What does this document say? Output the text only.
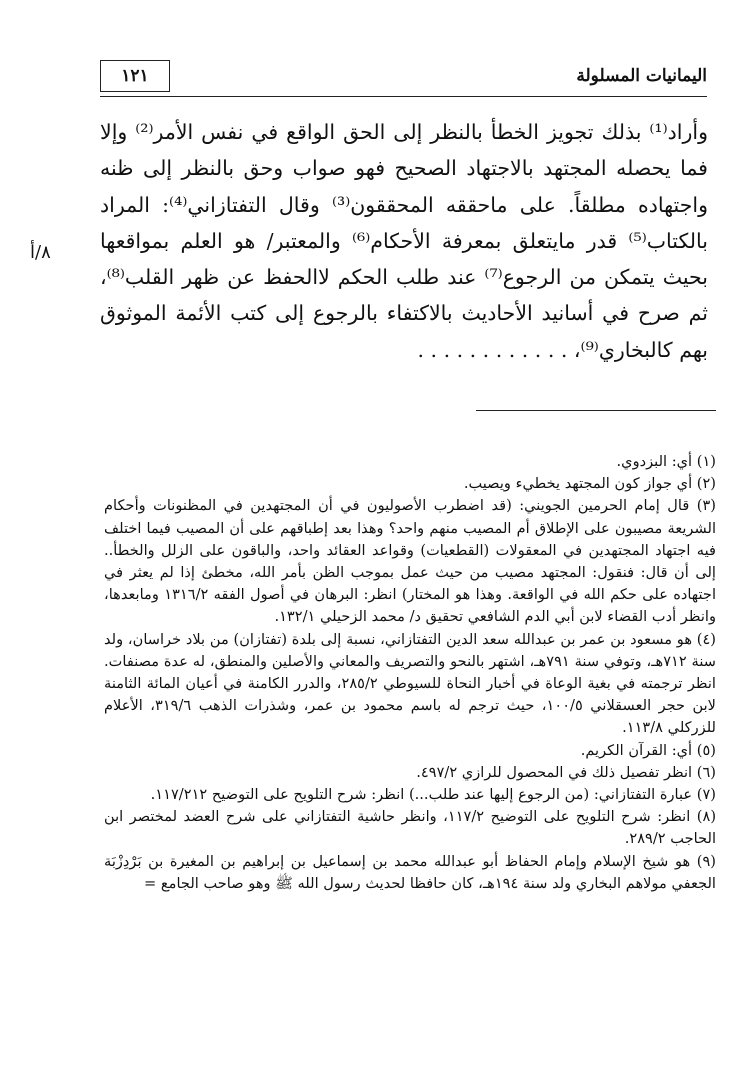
١٢١	اليمانيات المسلولة
٨/أ

وأراد⁽¹⁾ بذلك تجويز الخطأ بالنظر إلى الحق الواقع في نفس الأمر⁽²⁾ وإلا فما يحصله المجتهد بالاجتهاد الصحيح فهو صواب وحق بالنظر إلى ظنه واجتهاده مطلقاً. على ماحققه المحققون⁽³⁾ وقال التفتازاني⁽⁴⁾: المراد بالكتاب⁽⁵⁾ قدر مايتعلق بمعرفة الأحكام⁽⁶⁾ والمعتبر/ هو العلم بمواقعها بحيث يتمكن من الرجوع⁽⁷⁾ عند طلب الحكم لاالحفظ عن ظهر القلب⁽⁸⁾، ثم صرح في أسانيد الأحاديث بالاكتفاء بالرجوع إلى كتب الأئمة الموثوق بهم كالبخاري⁽⁹⁾، . . . . . . . . . . . .

(١) أي: البزدوي.

(٢) أي جواز كون المجتهد يخطيء ويصيب.

(٣) قال إمام الحرمين الجويني: (قد اضطرب الأصوليون في أن المجتهدين في المظنونات وأحكام الشريعة مصيبون على الإطلاق أم المصيب منهم واحد؟ وهذا بعد إطباقهم على أن المصيب فيما اختلف فيه اجتهاد المجتهدين في المعقولات (القطعيات) وقواعد العقائد واحد، والباقون على الزلل والخطأ.. إلى أن قال: فنقول: المجتهد مصيب من حيث عمل بموجب الظن بأمر الله، مخطئ إذا لم يعثر في اجتهاده على حكم الله في الواقعة. وهذا هو المختار) انظر: البرهان في أصول الفقه ١٣١٦/٢ ومابعدها، وانظر أدب القضاء لابن أبي الدم الشافعي تحقيق د/ محمد الزحيلي ١٣٢/١.

(٤) هو مسعود بن عمر بن عبدالله سعد الدين التفتازاني، نسبة إلى بلدة (تفتازان) من بلاد خراسان، ولد سنة ٧١٢هـ، وتوفي سنة ٧٩١هـ، اشتهر بالنحو والتصريف والمعاني والأصلين والمنطق، له عدة مصنفات. انظر ترجمته في بغية الوعاة في أخبار النحاة للسيوطي ٢٨٥/٢، والدرر الكامنة في أعيان المائة الثامنة لابن حجر العسقلاني ١٠٠/٥، حيث ترجم له باسم محمود بن عمر، وشذرات الذهب ٣١٩/٦، الأعلام للزركلي ١١٣/٨.

(٥) أي: القرآن الكريم.

(٦) انظر تفصيل ذلك في المحصول للرازي ٤٩٧/٢.

(٧) عبارة التفتازاني: (من الرجوع إليها عند طلب...) انظر: شرح التلويح على التوضيح ١١٧/٢١٢.

(٨) انظر: شرح التلويح على التوضيح ١١٧/٢، وانظر حاشية التفتازاني على شرح العضد لمختصر ابن الحاجب ٢٨٩/٢.

(٩) هو شيخ الإسلام وإمام الحفاظ أبو عبدالله محمد بن إسماعيل بن إبراهيم بن المغيرة بن بَرْدِزْبَة الجعفي مولاهم البخاري ولد سنة ١٩٤هـ، كان حافظا لحديث رسول الله ﷺ وهو صاحب الجامع =
